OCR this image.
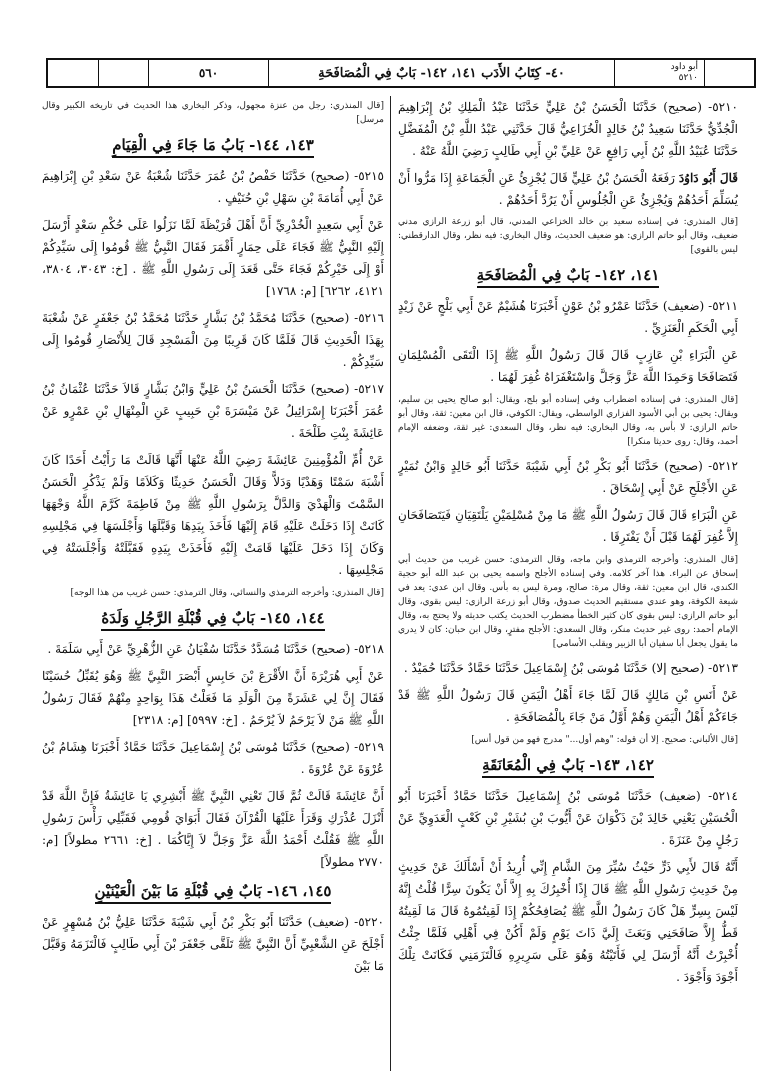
أبو داود
٥٢١٠
٤٠- كِتَابُ الأَدَب ١٤١، ١٤٢- بَابٌ فِي الْمُصَافَحَةِ
٥٦٠

٥٢١٠- (صحيح) حَدَّثَنَا الْحَسَنُ بْنُ عَلِيٍّ حَدَّثَنَا عَبْدُ الْمَلِكِ بْنُ إِبْرَاهِيمَ الْجُدِّيُّ حَدَّثَنَا سَعِيدُ بْنُ خَالِدٍ الْخُزَاعِيُّ قَالَ حَدَّثَنِي عَبْدُ اللَّهِ بْنُ الْمُفَضَّلِ حَدَّثَنَا عُبَيْدُ اللَّهِ بْنُ أَبِي رَافِعٍ عَنْ عَلِيِّ بْنِ أَبِي طَالِبٍ رَضِيَ اللَّهُ عَنْهُ .

قَالَ أَبُو دَاوُدَ رَفَعَهُ الْحَسَنُ بْنُ عَلِيٍّ قَالَ يُجْزِئُ عَنِ الْجَمَاعَةِ إِذَا مَرُّوا أَنْ يُسَلِّمَ أَحَدُهُمْ وَيُجْزِئُ عَنِ الْجُلُوسِ أَنْ يَرُدَّ أَحَدُهُمْ .

[قال المنذري: في إسناده سعيد بن خالد الخزاعي المدني، قال أبو زرعة الرازي مدني ضعيف، وقال أبو حاتم الرازي: هو ضعيف الحديث، وقال البخاري: فيه نظر، وقال الدارقطني: ليس بالقوي]

١٤١، ١٤٢- بَابٌ فِي الْمُصَافَحَةِ

٥٢١١- (ضعيف) حَدَّثَنَا عَمْرُو بْنُ عَوْنٍ أَخْبَرَنَا هُشَيْمٌ عَنْ أَبِي بَلْجٍ عَنْ زَيْدٍ أَبِي الْحَكَمِ الْعَنَزِيِّ .

عَنِ الْبَرَاءِ بْنِ عَازِبٍ قَالَ قَالَ رَسُولُ اللَّهِ ﷺ إِذَا الْتَقَى الْمُسْلِمَانِ فَتَصَافَحَا وَحَمِدَا اللَّهَ عَزَّ وَجَلَّ وَاسْتَغْفَرَاهُ غُفِرَ لَهُمَا .

[قال المنذري: في إسناده اضطراب وفي إسناده أبو بلج، ويقال: أبو صالح يحيى بن سليم، ويقال: يحيى بن أبي الأسود الفزاري الواسطي، ويقال: الكوفي، قال ابن معين: ثقة، وقال أبو حاتم الرازي: لا بأس به، وقال البخاري: فيه نظر، وقال السعدي: غير ثقة، وضعفه الإمام أحمد، وقال: روى حديثا منكرا]

٥٢١٢- (صحيح) حَدَّثَنَا أَبُو بَكْرِ بْنُ أَبِي شَيْبَةَ حَدَّثَنَا أَبُو خَالِدٍ وَابْنُ نُمَيْرٍ عَنِ الأَجْلَحِ عَنْ أَبِي إِسْحَاقَ .

عَنِ الْبَرَاءِ قَالَ قَالَ رَسُولُ اللَّهِ ﷺ مَا مِنْ مُسْلِمَيْنِ يَلْتَقِيَانِ فَيَتَصَافَحَانِ إِلاَّ غُفِرَ لَهُمَا قَبْلَ أَنْ يَفْتَرِقَا .

[قال المنذري: وأخرجه الترمذي وابن ماجه، وقال الترمذي: حسن غريب من حديث أبي إسحاق عن البراء. هذا آخر كلامه. وفي إسناده الأجلح واسمه يحيى بن عبد الله أبو حجية الكندي، قال ابن معين: ثقة، وقال مرة: صالح، ومرة ليس به بأس. وقال ابن عدي: يعد في شيعة الكوفة، وهو عندي مستقيم الحديث صدوق، وقال أبو زرعة الرازي: ليس بقوي، وقال أبو حاتم الرازي: ليس بقوي كان كثير الخطأ مضطرب الحديث يكتب حديثه ولا يحتج به، وقال الإمام أحمد: روى غير حديث منكر، وقال السعدي: الأجلح مفترٍ، وقال ابن حبان: كان لا يدري ما يقول يجعل أبا سفيان أبا الزبير ويقلب الأسامي]

٥٢١٣- (صحيح إلا) حَدَّثَنَا مُوسَى بْنُ إِسْمَاعِيلَ حَدَّثَنَا حَمَّادٌ حَدَّثَنَا حُمَيْدٌ .

عَنْ أَنَسِ بْنِ مَالِكٍ قَالَ لَمَّا جَاءَ أَهْلُ الْيَمَنِ قَالَ رَسُولُ اللَّهِ ﷺ قَدْ جَاءَكُمْ أَهْلُ الْيَمَنِ وَهُمْ أَوَّلُ مَنْ جَاءَ بِالْمُصَافَحَةِ .

[قال الألباني: صحيح. إلا أن قوله: "وهم أول..." مدرج فهو من قول أنس]

١٤٢، ١٤٣- بَابٌ فِي الْمُعَانَقَةِ

٥٢١٤- (ضعيف) حَدَّثَنَا مُوسَى بْنُ إِسْمَاعِيلَ حَدَّثَنَا حَمَّادٌ أَخْبَرَنَا أَبُو الْحُسَيْنِ يَعْنِي خَالِدَ بْنَ ذَكْوَانَ عَنْ أَيُّوبَ بْنِ بُشَيْرِ بْنِ كَعْبٍ الْعَدَوِيِّ عَنْ رَجُلٍ مِنْ عَنَزَةَ .

أَنَّهُ قَالَ لأَبِي ذَرٍّ حَيْثُ سُيِّرَ مِنَ الشَّامِ إِنِّي أُرِيدُ أَنْ أَسْأَلَكَ عَنْ حَدِيثٍ مِنْ حَدِيثِ رَسُولِ اللَّهِ ﷺ قَالَ إِذًا أُخْبِرُكَ بِهِ إِلاَّ أَنْ يَكُونَ سِرًّا قُلْتُ إِنَّهُ لَيْسَ بِسِرٍّ هَلْ كَانَ رَسُولُ اللَّهِ ﷺ يُصَافِحُكُمْ إِذَا لَقِيتُمُوهُ قَالَ مَا لَقِيتُهُ قَطُّ إِلاَّ صَافَحَنِي وَبَعَثَ إِلَيَّ ذَاتَ يَوْمٍ وَلَمْ أَكُنْ فِي أَهْلِي فَلَمَّا جِئْتُ أُخْبِرْتُ أَنَّهُ أَرْسَلَ لِي فَأَتَيْتُهُ وَهُوَ عَلَى سَرِيرِهِ فَالْتَزَمَنِي فَكَانَتْ تِلْكَ أَجْوَدَ وَأَجْوَدَ .

[قال المنذري: رجل من عنزة مجهول، وذكر البخاري هذا الحديث في تاريخه الكبير وقال مرسل]

١٤٣، ١٤٤- بَابُ مَا جَاءَ فِي الْقِيَامِ

٥٢١٥- (صحيح) حَدَّثَنَا حَفْصُ بْنُ عُمَرَ حَدَّثَنَا شُعْبَةُ عَنْ سَعْدِ بْنِ إِبْرَاهِيمَ عَنْ أَبِي أُمَامَةَ بْنِ سَهْلِ بْنِ حُنَيْفٍ .

عَنْ أَبِي سَعِيدٍ الْخُدْرِيِّ أَنَّ أَهْلَ قُرَيْظَةَ لَمَّا نَزَلُوا عَلَى حُكْمِ سَعْدٍ أَرْسَلَ إِلَيْهِ النَّبِيُّ ﷺ فَجَاءَ عَلَى حِمَارٍ أَقْمَرَ فَقَالَ النَّبِيُّ ﷺ قُومُوا إِلَى سَيِّدِكُمْ أَوْ إِلَى خَيْرِكُمْ فَجَاءَ حَتَّى قَعَدَ إِلَى رَسُولِ اللَّهِ ﷺ . [خ: ٣٠٤٣، ٣٨٠٤، ٤١٢١، ٦٢٦٢] [م: ١٧٦٨]

٥٢١٦- (صحيح) حَدَّثَنَا مُحَمَّدُ بْنُ بَشَّارٍ حَدَّثَنَا مُحَمَّدُ بْنُ جَعْفَرٍ عَنْ شُعْبَةَ بِهَذَا الْحَدِيثِ قَالَ فَلَمَّا كَانَ قَرِيبًا مِنَ الْمَسْجِدِ قَالَ لِلأَنْصَارِ قُومُوا إِلَى سَيِّدِكُمْ .

٥٢١٧- (صحيح) حَدَّثَنَا الْحَسَنُ بْنُ عَلِيٍّ وَابْنُ بَشَّارٍ قَالاَ حَدَّثَنَا عُثْمَانُ بْنُ عُمَرَ أَخْبَرَنَا إِسْرَائِيلُ عَنْ مَيْسَرَةَ بْنِ حَبِيبٍ عَنِ الْمِنْهَالِ بْنِ عَمْرٍو عَنْ عَائِشَةَ بِنْتِ طَلْحَةَ .

عَنْ أُمِّ الْمُؤْمِنِينَ عَائِشَةَ رَضِيَ اللَّهُ عَنْهَا أَنَّهَا قَالَتْ مَا رَأَيْتُ أَحَدًا كَانَ أَشْبَهَ سَمْتًا وَهَدْيًا وَدَلاًّ وَقَالَ الْحَسَنُ حَدِيثًا وَكَلاَمًا وَلَمْ يَذْكُرِ الْحَسَنُ السَّمْتَ وَالْهَدْيَ وَالدَّلَّ بِرَسُولِ اللَّهِ ﷺ مِنْ فَاطِمَةَ كَرَّمَ اللَّهُ وَجْهَهَا كَانَتْ إِذَا دَخَلَتْ عَلَيْهِ قَامَ إِلَيْهَا فَأَخَذَ بِيَدِهَا وَقَبَّلَهَا وَأَجْلَسَهَا فِي مَجْلِسِهِ وَكَانَ إِذَا دَخَلَ عَلَيْهَا قَامَتْ إِلَيْهِ فَأَخَذَتْ بِيَدِهِ فَقَبَّلَتْهُ وَأَجْلَسَتْهُ فِي مَجْلِسِهَا .

[قال المنذري: وأخرجه الترمذي والنسائي، وقال الترمذي: حسن غريب من هذا الوجه]

١٤٤، ١٤٥- بَابٌ فِي قُبْلَةِ الرَّجُلِ وَلَدَهُ

٥٢١٨- (صحيح) حَدَّثَنَا مُسَدَّدٌ حَدَّثَنَا سُفْيَانُ عَنِ الزُّهْرِيِّ عَنْ أَبِي سَلَمَةَ .

عَنْ أَبِي هُرَيْرَةَ أَنَّ الأَقْرَعَ بْنَ حَابِسٍ أَبْصَرَ النَّبِيَّ ﷺ وَهُوَ يُقَبِّلُ حُسَيْنًا فَقَالَ إِنَّ لِي عَشَرَةً مِنَ الْوَلَدِ مَا فَعَلْتُ هَذَا بِوَاحِدٍ مِنْهُمْ فَقَالَ رَسُولُ اللَّهِ ﷺ مَنْ لاَ يَرْحَمُ لاَ يُرْحَمُ . [خ: ٥٩٩٧] [م: ٢٣١٨]

٥٢١٩- (صحيح) حَدَّثَنَا مُوسَى بْنُ إِسْمَاعِيلَ حَدَّثَنَا حَمَّادٌ أَخْبَرَنَا هِشَامُ بْنُ عُرْوَةَ عَنْ عُرْوَةَ .

أَنَّ عَائِشَةَ قَالَتْ ثُمَّ قَالَ تَعْنِي النَّبِيَّ ﷺ أَبْشِرِي يَا عَائِشَةُ فَإِنَّ اللَّهَ قَدْ أَنْزَلَ عُذْرَكِ وَقَرَأَ عَلَيْهَا الْقُرْآنَ فَقَالَ أَبَوَايَ قُومِي فَقَبِّلِي رَأْسَ رَسُولِ اللَّهِ ﷺ فَقُلْتُ أَحْمَدُ اللَّهَ عَزَّ وَجَلَّ لاَ إِيَّاكُمَا . [خ: ٢٦٦١ مطولاً] [م: ٢٧٧٠ مطولاً]

١٤٥، ١٤٦- بَابٌ فِي قُبْلَةِ مَا بَيْنَ الْعَيْنَيْنِ

٥٢٢٠- (ضعيف) حَدَّثَنَا أَبُو بَكْرِ بْنُ أَبِي شَيْبَةَ حَدَّثَنَا عَلِيُّ بْنُ مُسْهِرٍ عَنْ أَجْلَحَ عَنِ الشَّعْبِيِّ أَنَّ النَّبِيَّ ﷺ تَلَقَّى جَعْفَرَ بْنَ أَبِي طَالِبٍ فَالْتَزَمَهُ وَقَبَّلَ مَا بَيْنَ
